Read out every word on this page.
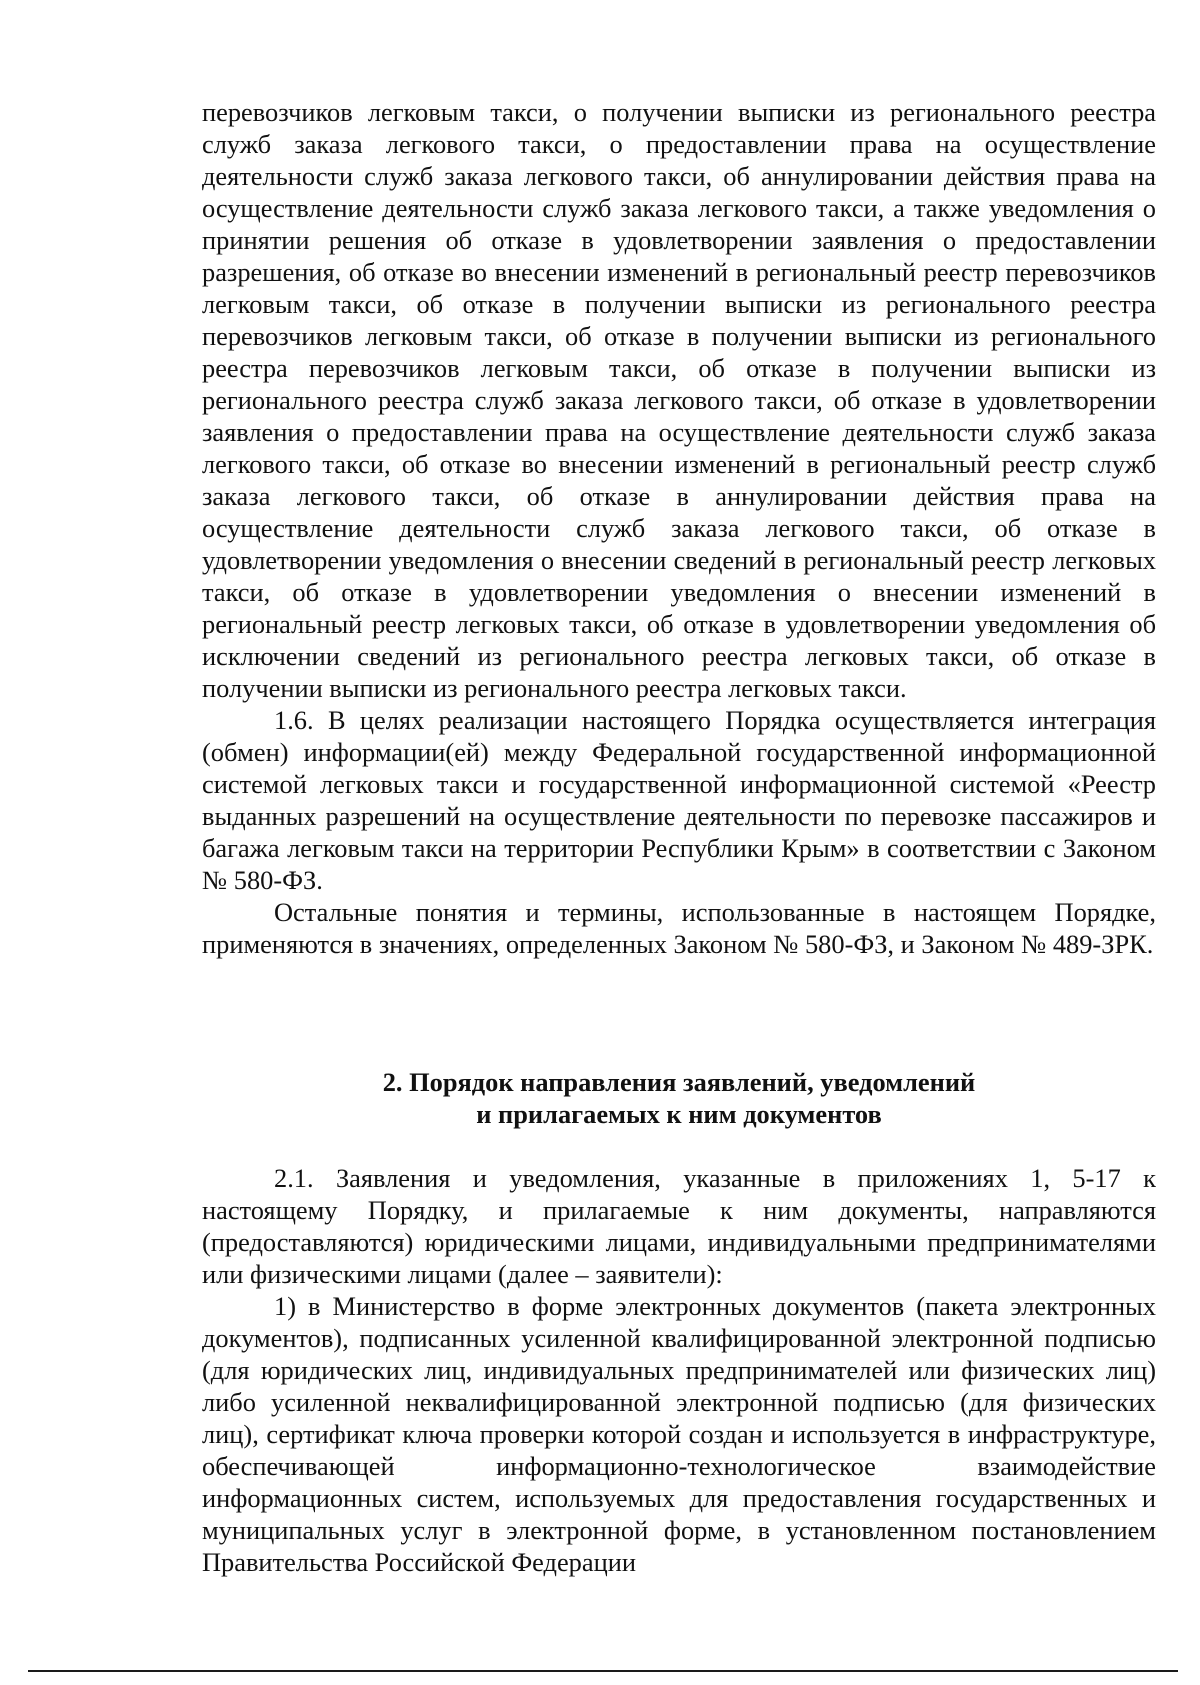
перевозчиков легковым такси, о получении выписки из регионального реестра служб заказа легкового такси, о предоставлении права на осуществление деятельности служб заказа легкового такси, об аннулировании действия права на осуществление деятельности служб заказа легкового такси, а также уведомления о принятии решения об отказе в удовлетворении заявления о предоставлении разрешения, об отказе во внесении изменений в региональный реестр перевозчиков легковым такси, об отказе в получении выписки из регионального реестра перевозчиков легковым такси, об отказе в получении выписки из регионального реестра перевозчиков легковым такси, об отказе в получении выписки из регионального реестра служб заказа легкового такси, об отказе в удовлетворении заявления о предоставлении права на осуществление деятельности служб заказа легкового такси, об отказе во внесении изменений в региональный реестр служб заказа легкового такси, об отказе в аннулировании действия права на осуществление деятельности служб заказа легкового такси, об отказе в удовлетворении уведомления о внесении сведений в региональный реестр легковых такси, об отказе в удовлетворении уведомления о внесении изменений в региональный реестр легковых такси, об отказе в удовлетворении уведомления об исключении сведений из регионального реестра легковых такси, об отказе в получении выписки из регионального реестра легковых такси.

1.6. В целях реализации настоящего Порядка осуществляется интеграция (обмен) информации(ей) между Федеральной государственной информационной системой легковых такси и государственной информационной системой «Реестр выданных разрешений на осуществление деятельности по перевозке пассажиров и багажа легковым такси на территории Республики Крым» в соответствии с Законом № 580-ФЗ.

Остальные понятия и термины, использованные в настоящем Порядке, применяются в значениях, определенных Законом № 580-ФЗ, и Законом № 489-ЗРК.

2. Порядок направления заявлений, уведомлений
и прилагаемых к ним документов

2.1. Заявления и уведомления, указанные в приложениях 1, 5-17 к настоящему Порядку, и прилагаемые к ним документы, направляются (предоставляются) юридическими лицами, индивидуальными предпринимателями или физическими лицами (далее – заявители):

1) в Министерство в форме электронных документов (пакета электронных документов), подписанных усиленной квалифицированной электронной подписью (для юридических лиц, индивидуальных предпринимателей или физических лиц) либо усиленной неквалифицированной электронной подписью (для физических лиц), сертификат ключа проверки которой создан и используется в инфраструктуре, обеспечивающей информационно-технологическое взаимодействие информационных систем, используемых для предоставления государственных и муниципальных услуг в электронной форме, в установленном постановлением Правительства Российской Федерации
